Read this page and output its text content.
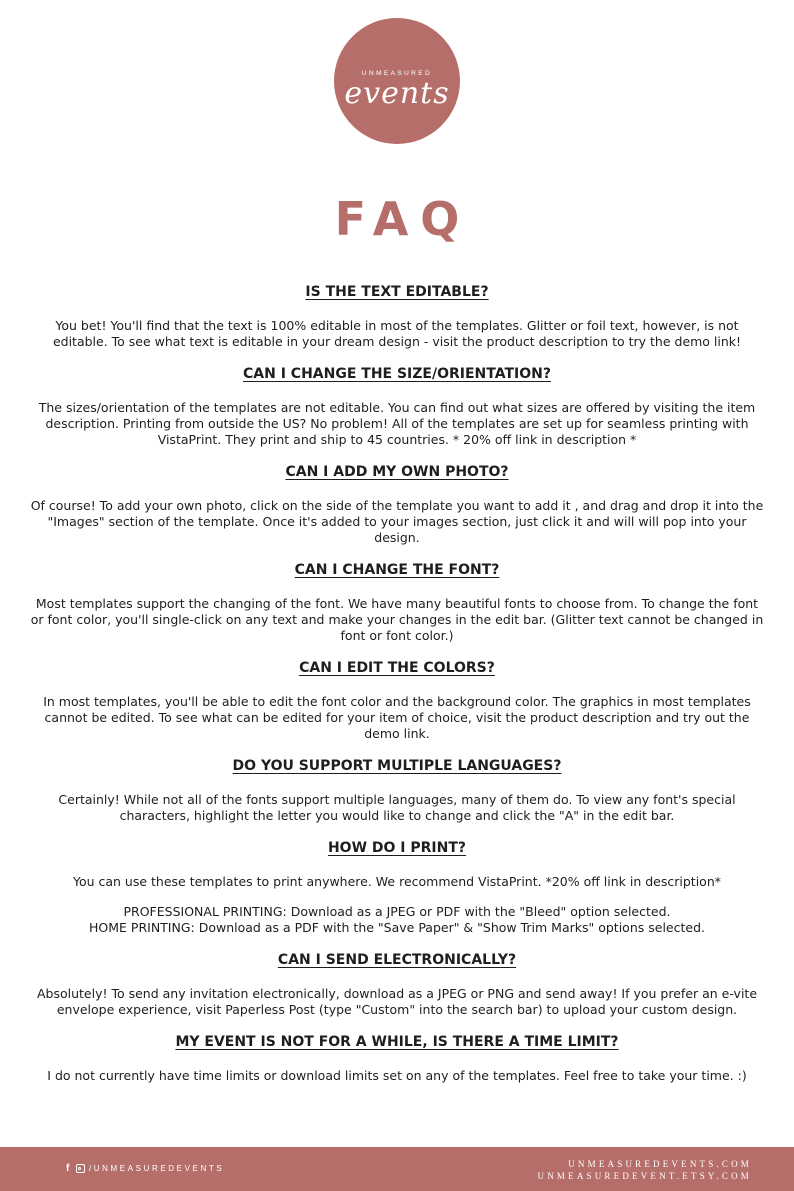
UNMEASURED
events
FAQ
IS THE TEXT EDITABLE?

You bet! You'll find that the text is 100% editable in most of the templates. Glitter or foil text, however, is not editable. To see what text is editable in your dream design - visit the product description to try the demo link!

CAN I CHANGE THE SIZE/ORIENTATION?

The sizes/orientation of the templates are not editable. You can find out what sizes are offered by visiting the item description. Printing from outside the US? No problem! All of the templates are set up for seamless printing with VistaPrint. They print and ship to 45 countries. * 20% off link in description *

CAN I ADD MY OWN PHOTO?

Of course! To add your own photo, click on the side of the template you want to add it , and drag and drop it into the "Images" section of the template. Once it's added to your images section, just click it and will will pop into your design.

CAN I CHANGE THE FONT?

Most templates support the changing of the font. We have many beautiful fonts to choose from. To change the font or font color, you'll single-click on any text and make your changes in the edit bar. (Glitter text cannot be changed in font or font color.)

CAN I EDIT THE COLORS?

In most templates, you'll be able to edit the font color and the background color. The graphics in most templates cannot be edited. To see what can be edited for your item of choice, visit the product description and try out the demo link.

DO YOU SUPPORT MULTIPLE LANGUAGES?

Certainly! While not all of the fonts support multiple languages, many of them do. To view any font's special characters, highlight the letter you would like to change and click the "A" in the edit bar.

HOW DO I PRINT?

You can use these templates to print anywhere. We recommend VistaPrint. *20% off link in description*

PROFESSIONAL PRINTING: Download as a JPEG or PDF with the "Bleed" option selected.
HOME PRINTING: Download as a PDF with the "Save Paper" & "Show Trim Marks" options selected.

CAN I SEND ELECTRONICALLY?

Absolutely! To send any invitation electronically, download as a JPEG or PNG and send away! If you prefer an e-vite envelope experience, visit Paperless Post (type "Custom" into the search bar) to upload your custom design.

MY EVENT IS NOT FOR A WHILE, IS THERE A TIME LIMIT?

I do not currently have time limits or download limits set on any of the templates. Feel free to take your time. :)

f /UNMEASUREDEVENTS	UNMEASUREDEVENTS.COM
UNMEASUREDEVENT.ETSY.COM
